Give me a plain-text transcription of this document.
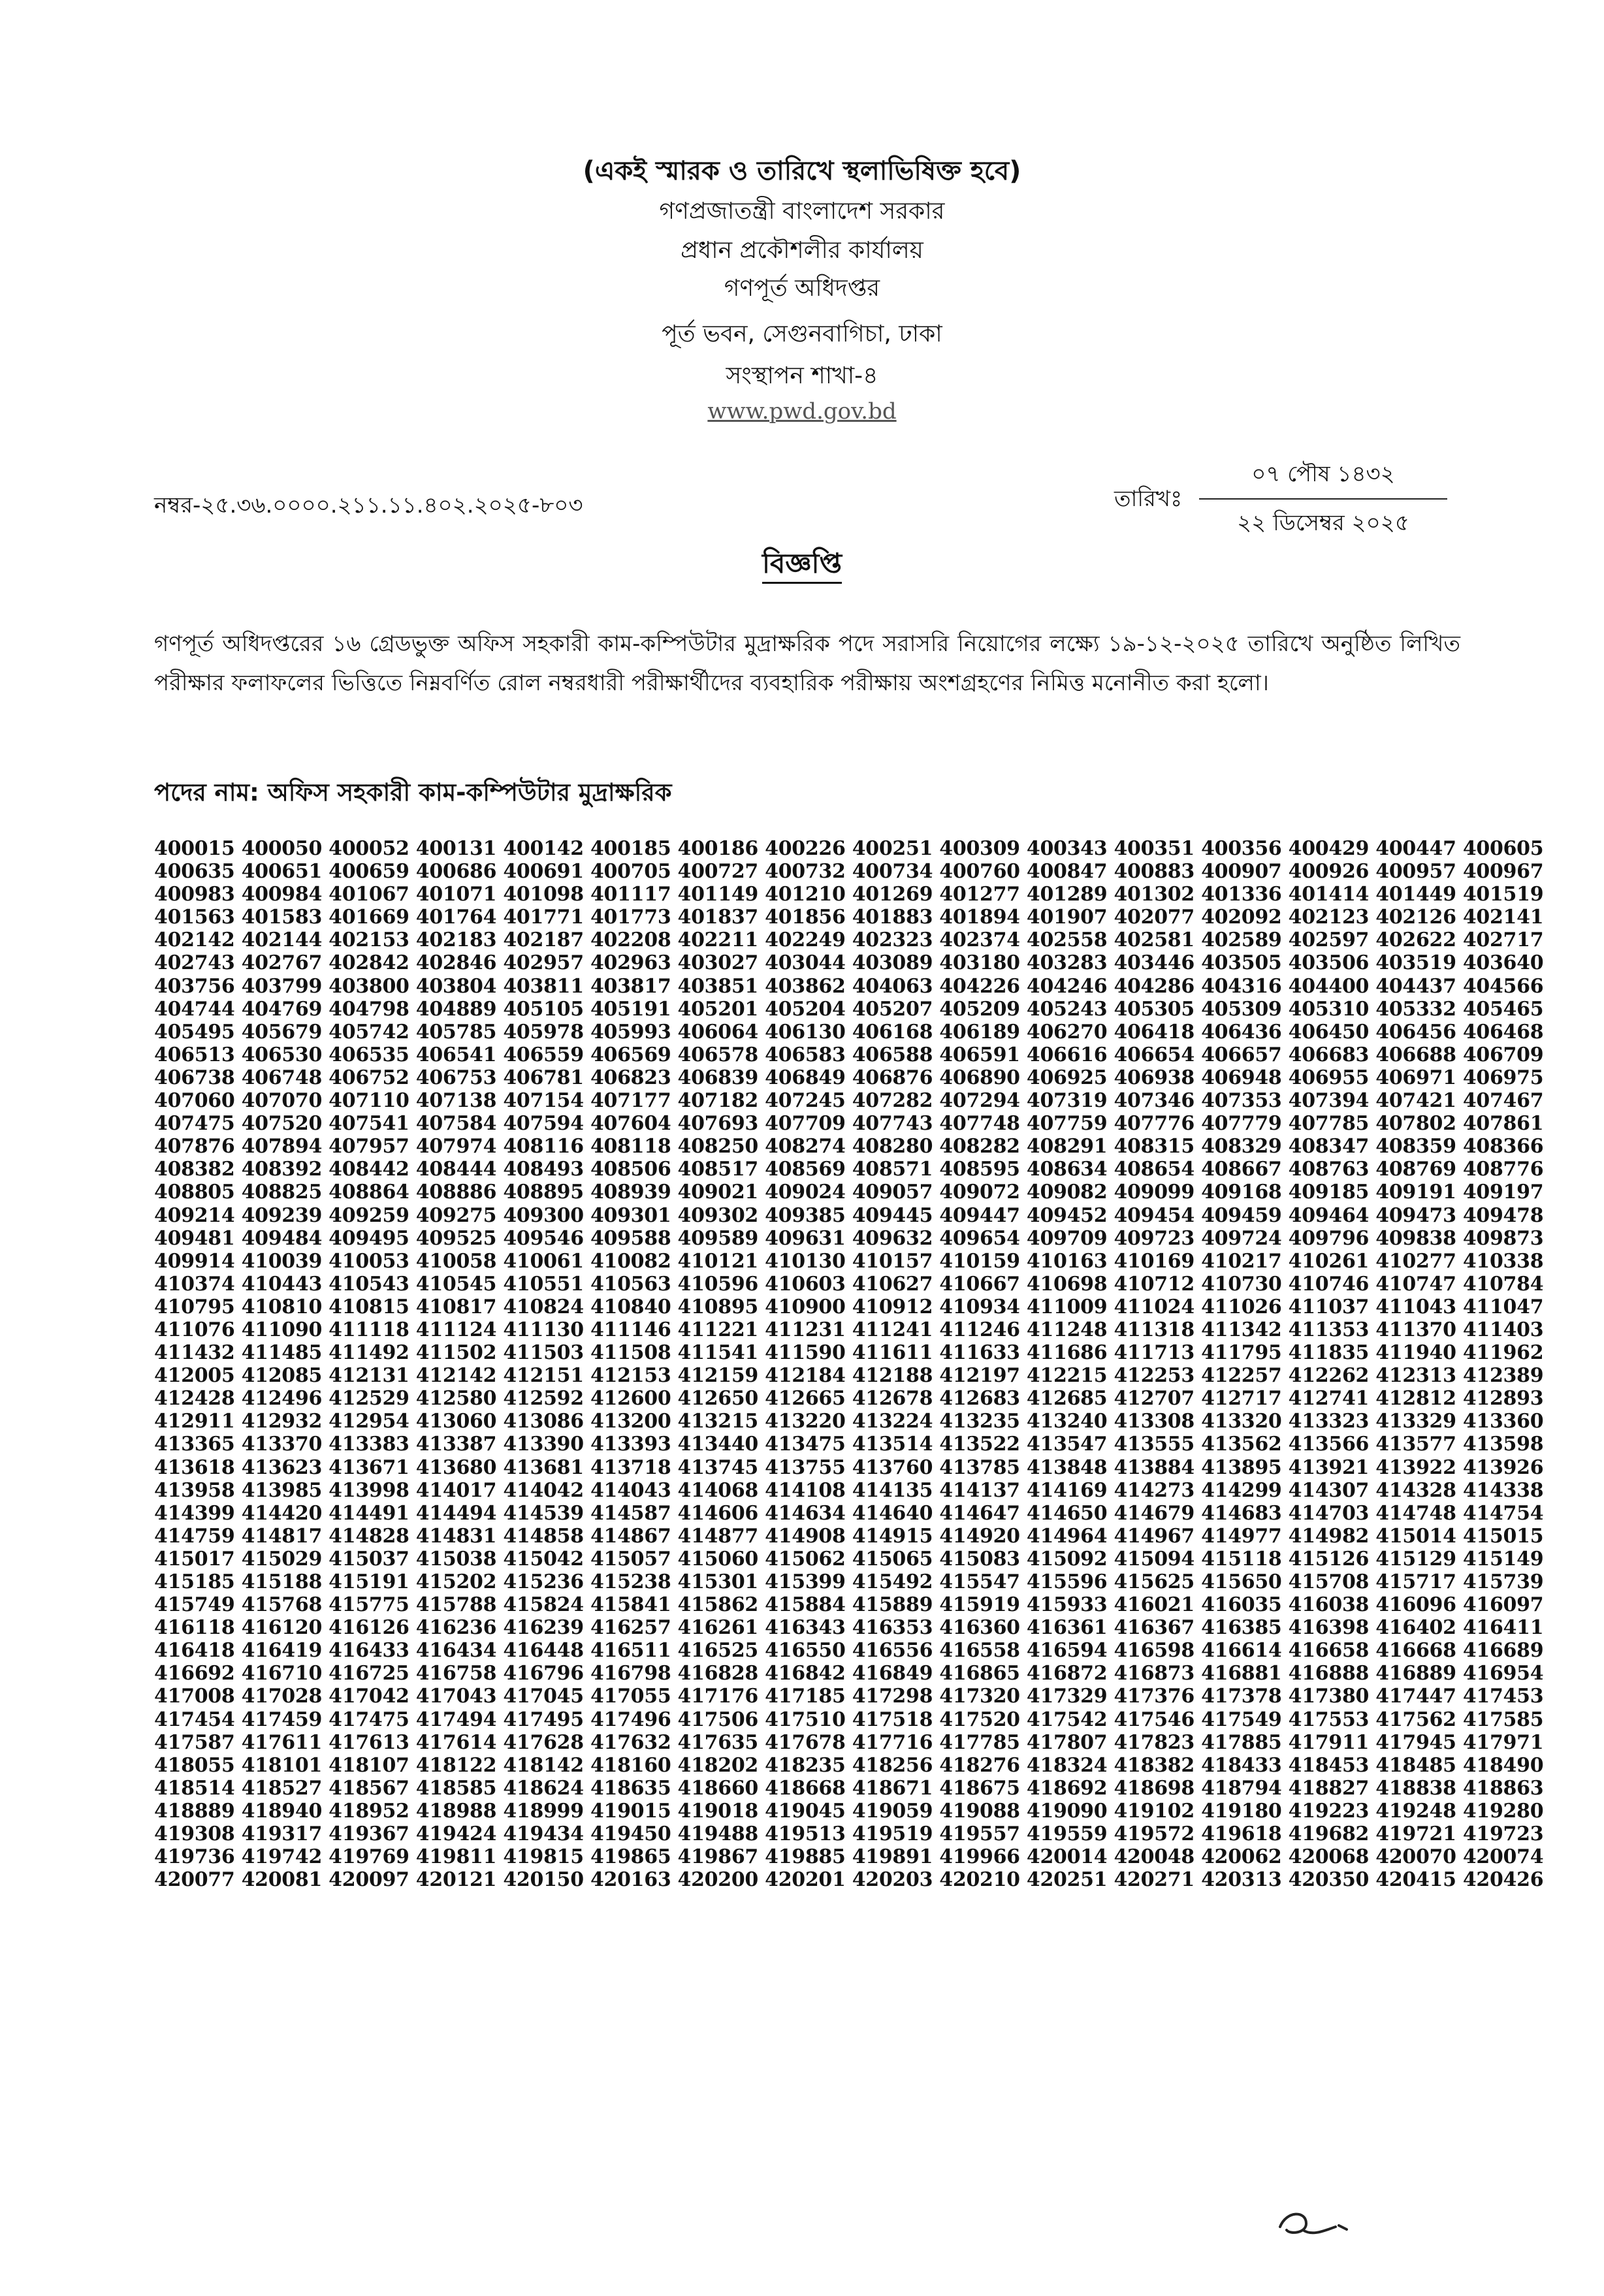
(একই স্মারক ও তারিখে স্থলাভিষিক্ত হবে)
গণপ্রজাতন্ত্রী বাংলাদেশ সরকার
প্রধান প্রকৌশলীর কার্যালয়
গণপূর্ত অধিদপ্তর
পূর্ত ভবন, সেগুনবাগিচা, ঢাকা
সংস্থাপন শাখা-৪
www.pwd.gov.bd
নম্বর-২৫.৩৬.০০০০.২১১.১১.৪০২.২০২৫-৮০৩	তারিখঃ
০৭ পৌষ ১৪৩২
২২ ডিসেম্বর ২০২৫
বিজ্ঞপ্তি

গণপূর্ত অধিদপ্তরের ১৬ গ্রেডভুক্ত অফিস সহকারী কাম-কম্পিউটার মুদ্রাক্ষরিক পদে সরাসরি নিয়োগের লক্ষ্যে ১৯-১২-২০২৫ তারিখে অনুষ্ঠিত লিখিত পরীক্ষার ফলাফলের ভিত্তিতে নিম্নবর্ণিত রোল নম্বরধারী পরীক্ষার্থীদের ব্যবহারিক পরীক্ষায় অংশগ্রহণের নিমিত্ত মনোনীত করা হলো।

পদের নাম: অফিস সহকারী কাম-কম্পিউটার মুদ্রাক্ষরিক
400015 400050 400052 400131 400142 400185 400186 400226 400251 400309 400343 400351 400356 400429 400447 400605
400635 400651 400659 400686 400691 400705 400727 400732 400734 400760 400847 400883 400907 400926 400957 400967
400983 400984 401067 401071 401098 401117 401149 401210 401269 401277 401289 401302 401336 401414 401449 401519
401563 401583 401669 401764 401771 401773 401837 401856 401883 401894 401907 402077 402092 402123 402126 402141
402142 402144 402153 402183 402187 402208 402211 402249 402323 402374 402558 402581 402589 402597 402622 402717
402743 402767 402842 402846 402957 402963 403027 403044 403089 403180 403283 403446 403505 403506 403519 403640
403756 403799 403800 403804 403811 403817 403851 403862 404063 404226 404246 404286 404316 404400 404437 404566
404744 404769 404798 404889 405105 405191 405201 405204 405207 405209 405243 405305 405309 405310 405332 405465
405495 405679 405742 405785 405978 405993 406064 406130 406168 406189 406270 406418 406436 406450 406456 406468
406513 406530 406535 406541 406559 406569 406578 406583 406588 406591 406616 406654 406657 406683 406688 406709
406738 406748 406752 406753 406781 406823 406839 406849 406876 406890 406925 406938 406948 406955 406971 406975
407060 407070 407110 407138 407154 407177 407182 407245 407282 407294 407319 407346 407353 407394 407421 407467
407475 407520 407541 407584 407594 407604 407693 407709 407743 407748 407759 407776 407779 407785 407802 407861
407876 407894 407957 407974 408116 408118 408250 408274 408280 408282 408291 408315 408329 408347 408359 408366
408382 408392 408442 408444 408493 408506 408517 408569 408571 408595 408634 408654 408667 408763 408769 408776
408805 408825 408864 408886 408895 408939 409021 409024 409057 409072 409082 409099 409168 409185 409191 409197
409214 409239 409259 409275 409300 409301 409302 409385 409445 409447 409452 409454 409459 409464 409473 409478
409481 409484 409495 409525 409546 409588 409589 409631 409632 409654 409709 409723 409724 409796 409838 409873
409914 410039 410053 410058 410061 410082 410121 410130 410157 410159 410163 410169 410217 410261 410277 410338
410374 410443 410543 410545 410551 410563 410596 410603 410627 410667 410698 410712 410730 410746 410747 410784
410795 410810 410815 410817 410824 410840 410895 410900 410912 410934 411009 411024 411026 411037 411043 411047
411076 411090 411118 411124 411130 411146 411221 411231 411241 411246 411248 411318 411342 411353 411370 411403
411432 411485 411492 411502 411503 411508 411541 411590 411611 411633 411686 411713 411795 411835 411940 411962
412005 412085 412131 412142 412151 412153 412159 412184 412188 412197 412215 412253 412257 412262 412313 412389
412428 412496 412529 412580 412592 412600 412650 412665 412678 412683 412685 412707 412717 412741 412812 412893
412911 412932 412954 413060 413086 413200 413215 413220 413224 413235 413240 413308 413320 413323 413329 413360
413365 413370 413383 413387 413390 413393 413440 413475 413514 413522 413547 413555 413562 413566 413577 413598
413618 413623 413671 413680 413681 413718 413745 413755 413760 413785 413848 413884 413895 413921 413922 413926
413958 413985 413998 414017 414042 414043 414068 414108 414135 414137 414169 414273 414299 414307 414328 414338
414399 414420 414491 414494 414539 414587 414606 414634 414640 414647 414650 414679 414683 414703 414748 414754
414759 414817 414828 414831 414858 414867 414877 414908 414915 414920 414964 414967 414977 414982 415014 415015
415017 415029 415037 415038 415042 415057 415060 415062 415065 415083 415092 415094 415118 415126 415129 415149
415185 415188 415191 415202 415236 415238 415301 415399 415492 415547 415596 415625 415650 415708 415717 415739
415749 415768 415775 415788 415824 415841 415862 415884 415889 415919 415933 416021 416035 416038 416096 416097
416118 416120 416126 416236 416239 416257 416261 416343 416353 416360 416361 416367 416385 416398 416402 416411
416418 416419 416433 416434 416448 416511 416525 416550 416556 416558 416594 416598 416614 416658 416668 416689
416692 416710 416725 416758 416796 416798 416828 416842 416849 416865 416872 416873 416881 416888 416889 416954
417008 417028 417042 417043 417045 417055 417176 417185 417298 417320 417329 417376 417378 417380 417447 417453
417454 417459 417475 417494 417495 417496 417506 417510 417518 417520 417542 417546 417549 417553 417562 417585
417587 417611 417613 417614 417628 417632 417635 417678 417716 417785 417807 417823 417885 417911 417945 417971
418055 418101 418107 418122 418142 418160 418202 418235 418256 418276 418324 418382 418433 418453 418485 418490
418514 418527 418567 418585 418624 418635 418660 418668 418671 418675 418692 418698 418794 418827 418838 418863
418889 418940 418952 418988 418999 419015 419018 419045 419059 419088 419090 419102 419180 419223 419248 419280
419308 419317 419367 419424 419434 419450 419488 419513 419519 419557 419559 419572 419618 419682 419721 419723
419736 419742 419769 419811 419815 419865 419867 419885 419891 419966 420014 420048 420062 420068 420070 420074
420077 420081 420097 420121 420150 420163 420200 420201 420203 420210 420251 420271 420313 420350 420415 420426
